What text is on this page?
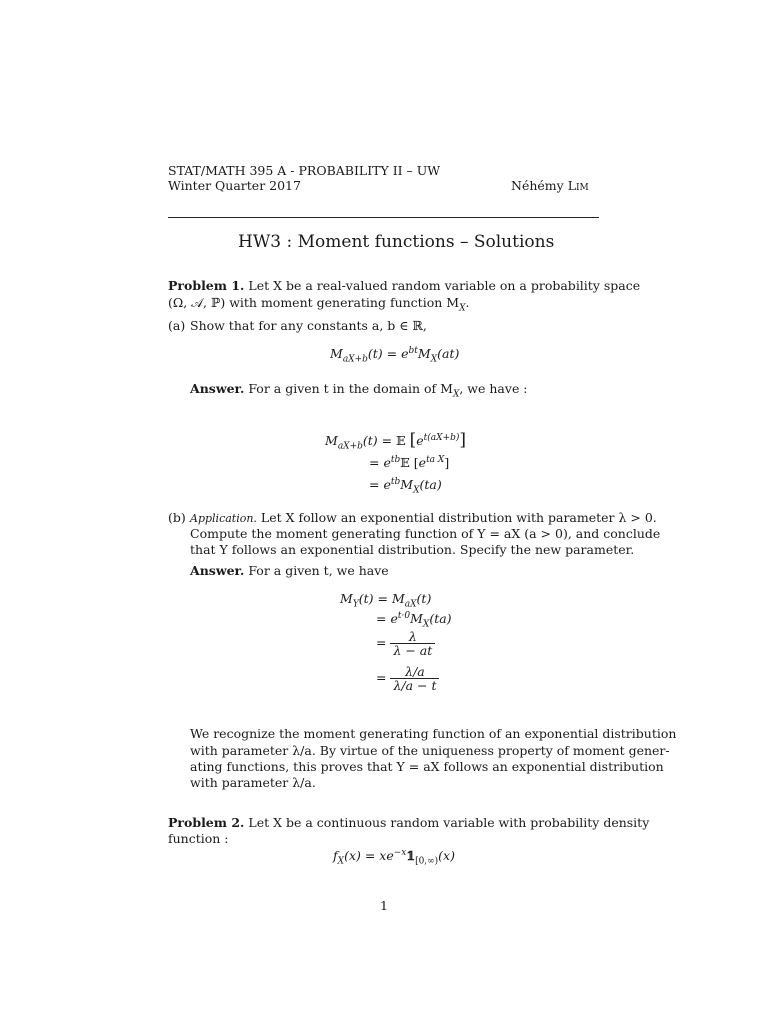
STAT/MATH 395 A - PROBABILITY II – UW
Winter Quarter 2017	Néhémy Lim
HW3 : Moment functions – Solutions
Problem 1. Let X be a real-valued random variable on a probability space
(Ω, 𝒜, ℙ) with moment generating function $M_X$.
(a) Show that for any constants a, b ∈ ℝ,
$M_{aX+b}(t) = e^{bt}M_X(at)$
Answer. For a given t in the domain of $M_X$, we have :
$M_{aX+b}(t)$ = 𝔼 $[e^{t(aX+b)}]$
= $e^{tb}𝔼$ $[e^{ta X}]$
= $e^{tb}M_X(ta)$
(b) Application. Let X follow an exponential distribution with parameter λ > 0.
Compute the moment generating function of Y = aX (a > 0), and conclude
that Y follows an exponential distribution. Specify the new parameter.
Answer. For a given t, we have
$M_Y(t) = M_{aX}(t)$
= $e^{t\cdot 0}M_X(ta)$
= $\frac{\lambda}{\lambda - at}$
= $\frac{\lambda/a}{\lambda/a - t}$
We recognize the moment generating function of an exponential distribution
with parameter λ/a. By virtue of the uniqueness property of moment gener-
ating functions, this proves that Y = aX follows an exponential distribution
with parameter λ/a.
Problem 2. Let X be a continuous random variable with probability density
function :
$f_X(x)$ = $xe^{-x}𝟙_{[0,\infty)}(x)$
1
